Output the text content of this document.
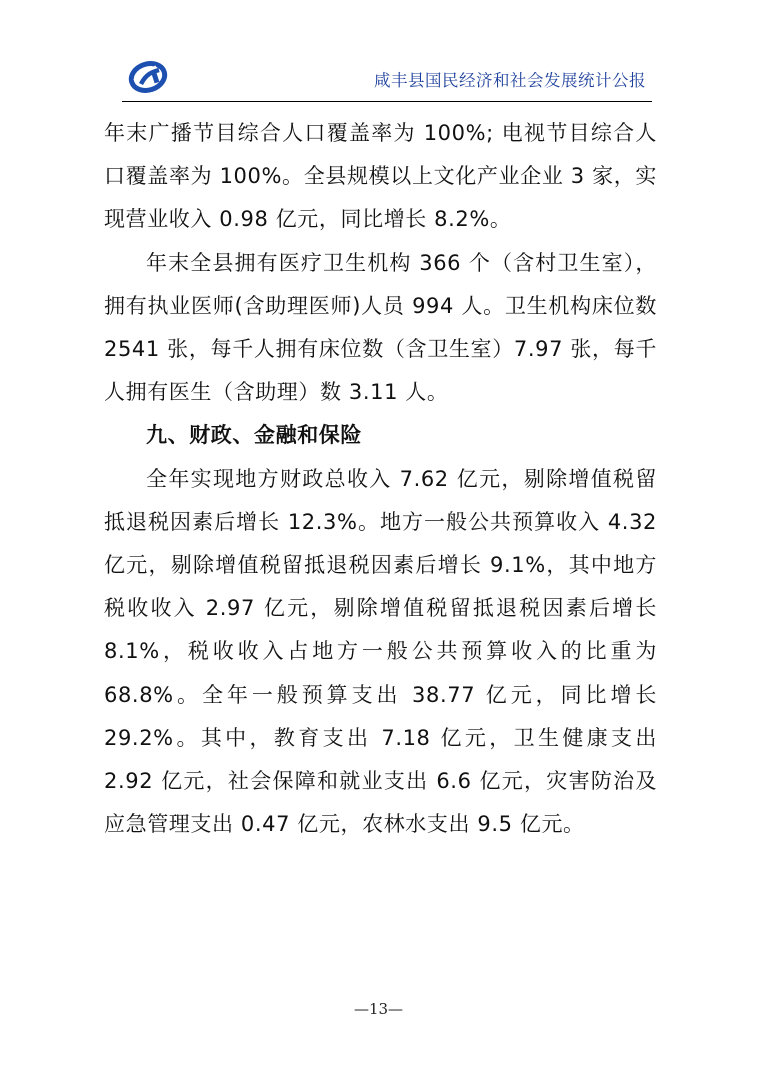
咸丰县国民经济和社会发展统计公报

年末广播节目综合人口覆盖率为 100%; 电视节目综合人口覆盖率为 100%。全县规模以上文化产业企业 3 家，实现营业收入 0.98 亿元，同比增长 8.2%。

年末全县拥有医疗卫生机构 366 个（含村卫生室），拥有执业医师(含助理医师)人员 994 人。卫生机构床位数 2541 张，每千人拥有床位数（含卫生室）7.97 张，每千人拥有医生（含助理）数 3.11 人。

九、财政、金融和保险

全年实现地方财政总收入 7.62 亿元，剔除增值税留抵退税因素后增长 12.3%。地方一般公共预算收入 4.32 亿元，剔除增值税留抵退税因素后增长 9.1%，其中地方税收收入 2.97 亿元，剔除增值税留抵退税因素后增长 8.1%，税收收入占地方一般公共预算收入的比重为 68.8%。全年一般预算支出 38.77 亿元，同比增长 29.2%。其中，教育支出 7.18 亿元，卫生健康支出 2.92 亿元，社会保障和就业支出 6.6 亿元，灾害防治及应急管理支出 0.47 亿元，农林水支出 9.5 亿元。

—13—
